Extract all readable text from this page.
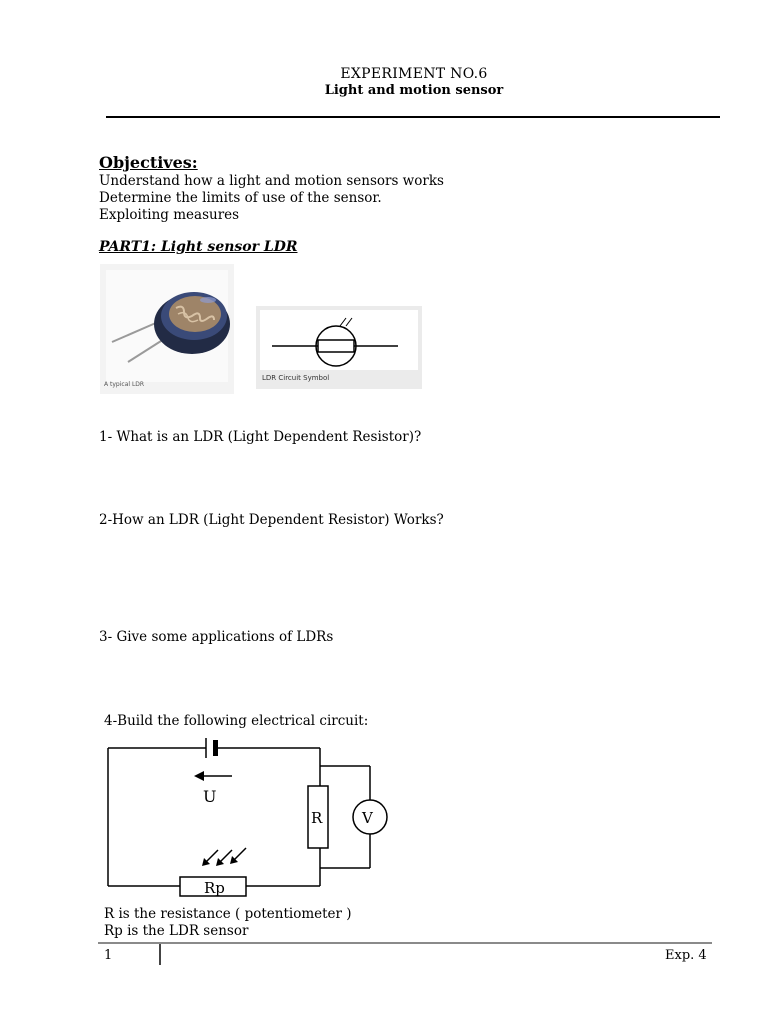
EXPERIMENT NO.6
Light and motion sensor
Objectives:
Understand how a light and motion sensors works
Determine the limits of use of the sensor.
Exploiting measures
PART1: Light sensor LDR
A typical LDR
LDR Circuit Symbol
1- What is an LDR (Light Dependent Resistor)?
2-How an LDR (Light Dependent Resistor) Works?
3- Give some applications of LDRs
4-Build the following electrical circuit:
U
R	V
Rp
R is the resistance ( potentiometer )
Rp is the LDR sensor
1	Exp. 4
